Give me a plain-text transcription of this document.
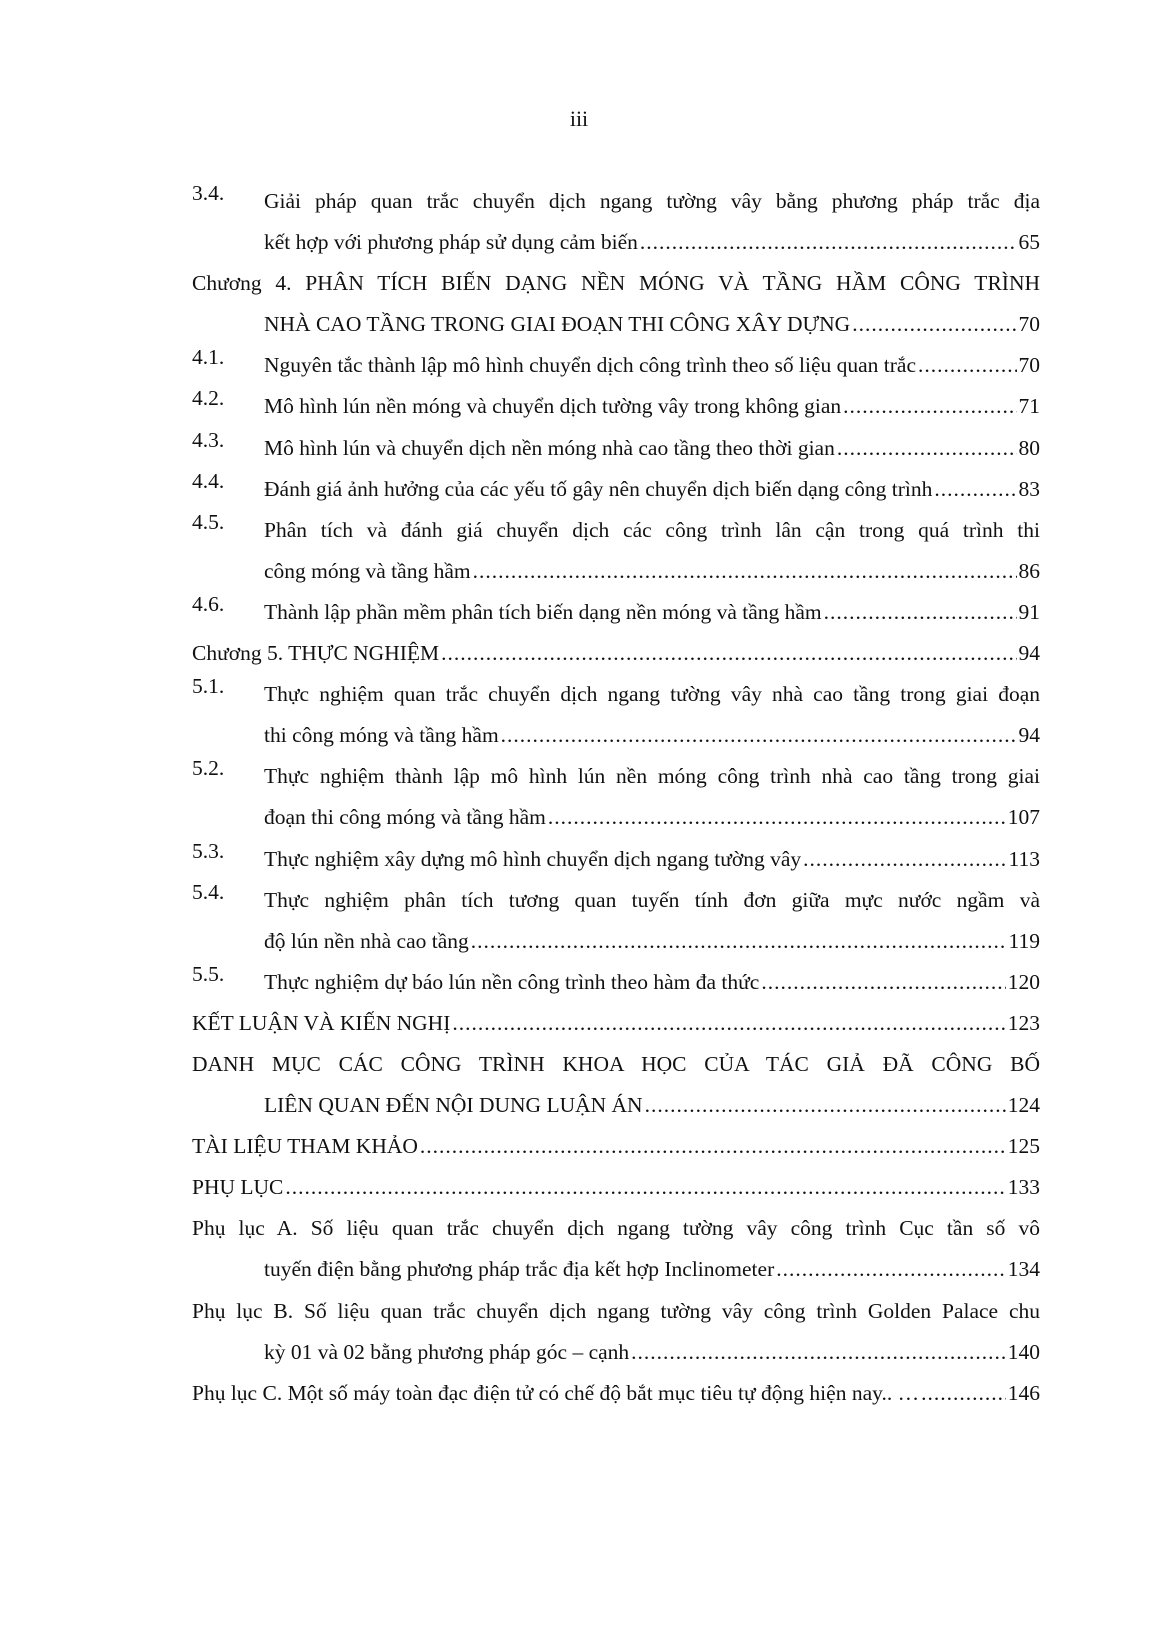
iii
3.4.	Giải pháp quan trắc chuyển dịch ngang tường vây bằng phương pháp trắc địa
kết hợp với phương pháp sử dụng cảm biến .....	65
Chương 4. PHÂN TÍCH BIẾN DẠNG NỀN MÓNG VÀ TẦNG HẦM CÔNG TRÌNH
NHÀ CAO TẦNG TRONG GIAI ĐOẠN THI CÔNG XÂY DỰNG .....	70
4.1. Nguyên tắc thành lập mô hình chuyển dịch công trình theo số liệu quan trắc .....	70
4.2. Mô hình lún nền móng và chuyển dịch tường vây trong không gian .....	71
4.3. Mô hình lún và chuyển dịch nền móng nhà cao tầng theo thời gian .....	80
4.4. Đánh giá ảnh hưởng của các yếu tố gây nên chuyển dịch biến dạng công trình .....	83
4.5.	Phân tích và đánh giá chuyển dịch các công trình lân cận trong quá trình thi
công móng và tầng hầm .....	86
4.6. Thành lập phần mềm phân tích biến dạng nền móng và tầng hầm .....	91
Chương 5. THỰC NGHIỆM .....	94
5.1.	Thực nghiệm quan trắc chuyển dịch ngang tường vây nhà cao tầng trong giai đoạn
thi công móng và tầng hầm .....	94
5.2.	Thực nghiệm thành lập mô hình lún nền móng công trình nhà cao tầng trong giai
đoạn thi công móng và tầng hầm .....	107
5.3. Thực nghiệm xây dựng mô hình chuyển dịch ngang tường vây .....	113
5.4.	Thực nghiệm phân tích tương quan tuyến tính đơn giữa mực nước ngầm và
độ lún nền nhà cao tầng .....	119
5.5. Thực nghiệm dự báo lún nền công trình theo hàm đa thức .....	120
KẾT LUẬN VÀ KIẾN NGHỊ .....	123
DANH MỤC CÁC CÔNG TRÌNH KHOA HỌC CỦA TÁC GIẢ ĐÃ CÔNG BỐ
LIÊN QUAN ĐẾN NỘI DUNG LUẬN ÁN .....	124
TÀI LIỆU THAM KHẢO .....	125
PHỤ LỤC .....	133
Phụ lục A. Số liệu quan trắc chuyển dịch ngang tường vây công trình Cục tần số vô
tuyến điện bằng phương pháp trắc địa kết hợp Inclinometer .....	134
Phụ lục B. Số liệu quan trắc chuyển dịch ngang tường vây công trình Golden Palace chu
kỳ 01 và 02 bằng phương pháp góc – cạnh .....	140
Phụ lục C. Một số máy toàn đạc điện tử có chế độ bắt mục tiêu tự động hiện nay.. … .....	146
